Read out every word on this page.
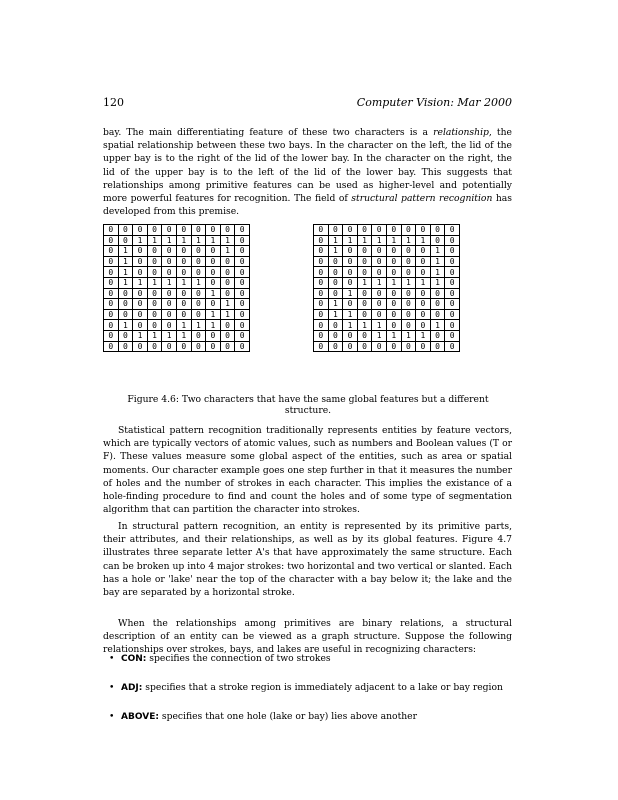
120	Computer Vision: Mar 2000

bay. The main differentiating feature of these two characters is a relationship, the spatial relationship between these two bays. In the character on the left, the lid of the upper bay is to the right of the lid of the lower bay. In the character on the right, the lid of the upper bay is to the left of the lid of the lower bay. This suggests that relationships among primitive features can be used as higher-level and potentially more powerful features for recognition. The field of structural pattern recognition has developed from this premise.

0	0	0	0	0	0	0	0	0	0
0	0	1	1	1	1	1	1	1	0
0	1	0	0	0	0	0	0	1	0
0	1	0	0	0	0	0	0	0	0
0	1	0	0	0	0	0	0	0	0
0	1	1	1	1	1	1	0	0	0
0	0	0	0	0	0	0	1	0	0
0	0	0	0	0	0	0	0	1	0
0	0	0	0	0	0	0	1	1	0
0	1	0	0	0	1	1	1	0	0
0	0	1	1	1	1	0	0	0	0
0	0	0	0	0	0	0	0	0	0
0	0	0	0	0	0	0	0	0	0
0	1	1	1	1	1	1	1	0	0
0	1	0	0	0	0	0	0	1	0
0	0	0	0	0	0	0	0	1	0
0	0	0	0	0	0	0	0	1	0
0	0	0	1	1	1	1	1	1	0
0	0	1	0	0	0	0	0	0	0
0	1	0	0	0	0	0	0	0	0
0	1	1	0	0	0	0	0	0	0
0	0	1	1	1	0	0	0	1	0
0	0	0	0	1	1	1	1	0	0
0	0	0	0	0	0	0	0	0	0
Figure 4.6: Two characters that have the same global features but a different structure.

Statistical pattern recognition traditionally represents entities by feature vectors, which are typically vectors of atomic values, such as numbers and Boolean values (T or F). These values measure some global aspect of the entities, such as area or spatial moments. Our character example goes one step further in that it measures the number of holes and the number of strokes in each character. This implies the existance of a hole-finding procedure to find and count the holes and of some type of segmentation algorithm that can partition the character into strokes.

In structural pattern recognition, an entity is represented by its primitive parts, their attributes, and their relationships, as well as by its global features. Figure 4.7 illustrates three separate letter A's that have approximately the same structure. Each can be broken up into 4 major strokes: two horizontal and two vertical or slanted. Each has a hole or 'lake' near the top of the character with a bay below it; the lake and the bay are separated by a horizontal stroke.

When the relationships among primitives are binary relations, a structural description of an entity can be viewed as a graph structure. Suppose the following relationships over strokes, bays, and lakes are useful in recognizing characters:

• CON: specifies the connection of two strokes
• ADJ: specifies that a stroke region is immediately adjacent to a lake or bay region
• ABOVE: specifies that one hole (lake or bay) lies above another
